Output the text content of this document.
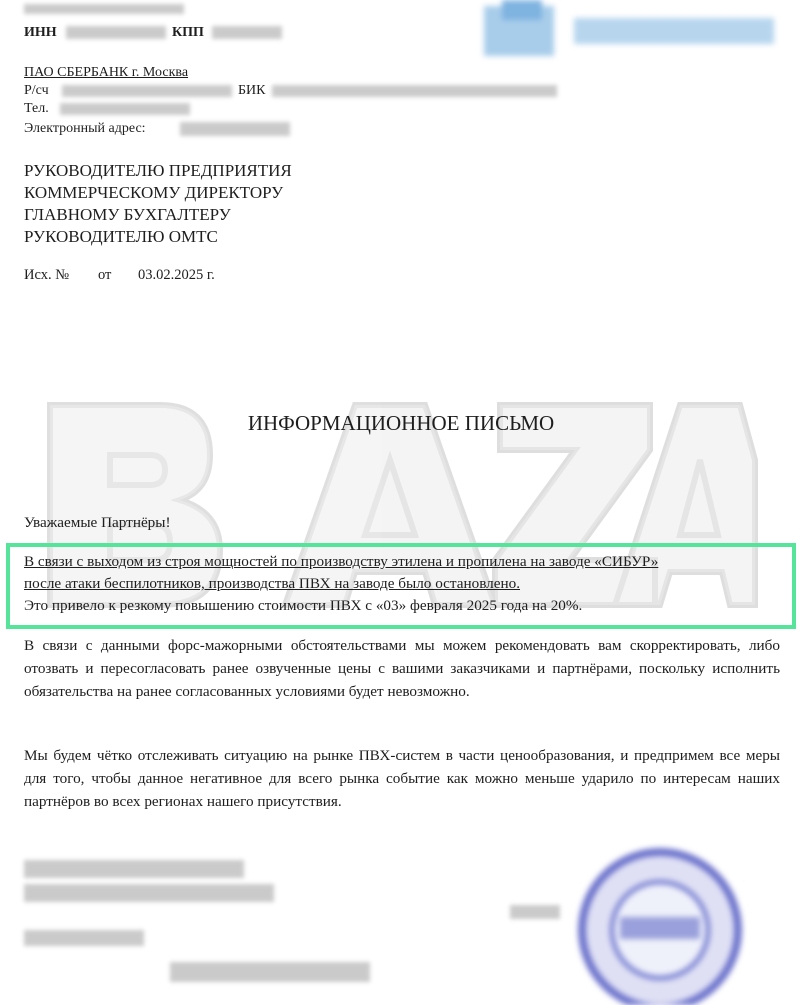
ИНН	КПП
ПАО СБЕРБАНК г. Москва
Р/сч	БИК
Тел.
Электронный адрес:
РУКОВОДИТЕЛЮ ПРЕДПРИЯТИЯ
КОММЕРЧЕСКОМУ ДИРЕКТОРУ
ГЛАВНОМУ БУХГАЛТЕРУ
РУКОВОДИТЕЛЮ ОМТС
Исх. № от 03.02.2025 г.
ИНФОРМАЦИОННОЕ ПИСЬМО
Уважаемые Партнёры!
В связи с выходом из строя мощностей по производству этилена и пропилена на заводе «СИБУР»
после атаки беспилотников, производства ПВХ на заводе было остановлено.
Это привело к резкому повышению стоимости ПВХ с «03» февраля 2025 года на 20%.
В связи с данными форс-мажорными обстоятельствами мы можем рекомендовать вам скорректировать, либо отозвать и пересогласовать ранее озвученные цены с вашими заказчиками и партнёрами, поскольку исполнить обязательства на ранее согласованных условиями будет невозможно.
Мы будем чётко отслеживать ситуацию на рынке ПВХ-систем в части ценообразования, и предпримем все меры для того, чтобы данное негативное для всего рынка событие как можно меньше ударило по интересам наших партнёров во всех регионах нашего присутствия.
